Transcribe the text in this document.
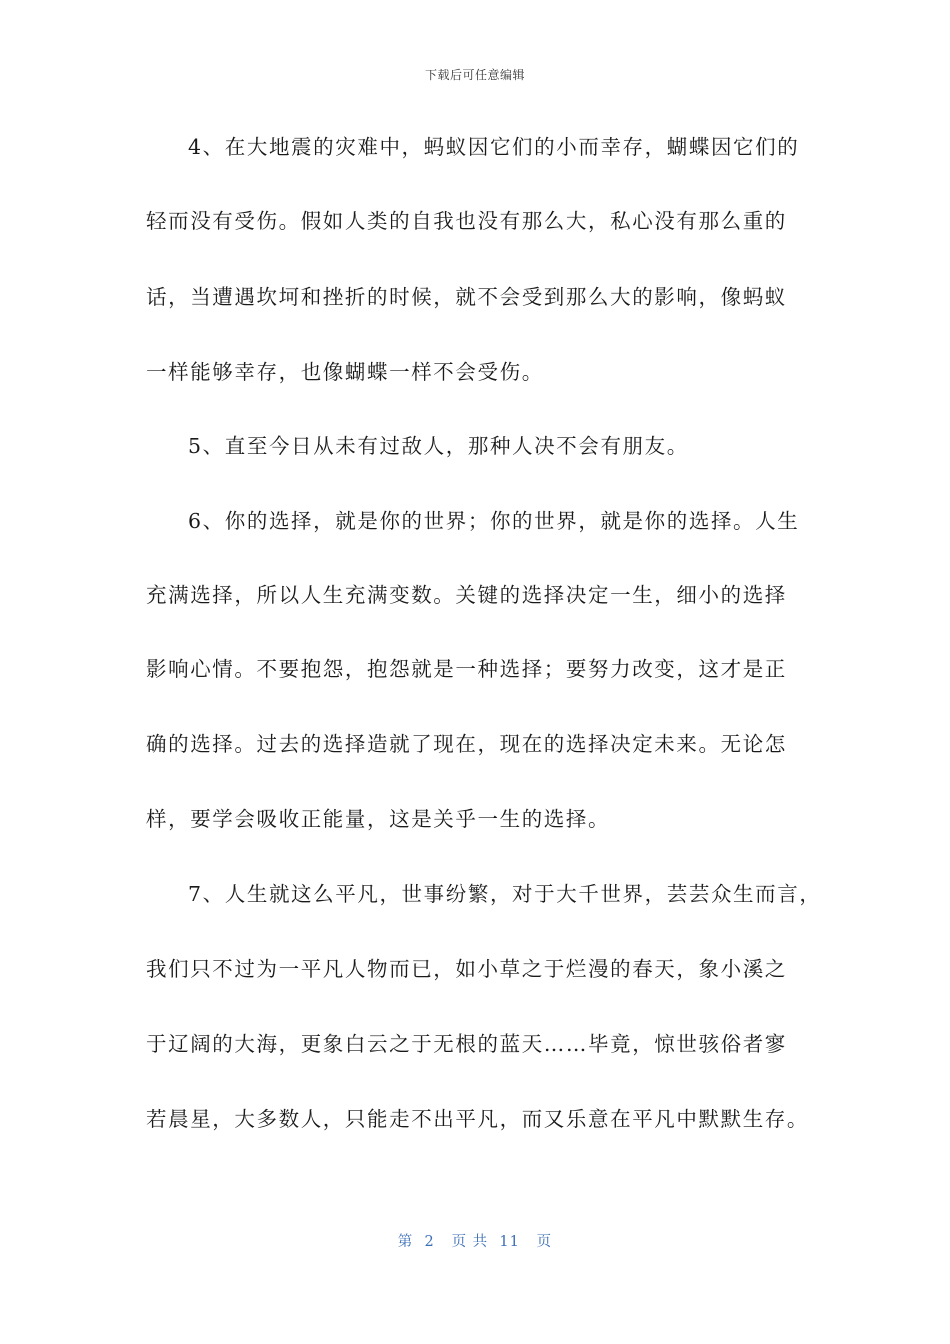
下载后可任意编辑
4、在大地震的灾难中，蚂蚁因它们的小而幸存，蝴蝶因它们的
轻而没有受伤。假如人类的自我也没有那么大，私心没有那么重的
话，当遭遇坎坷和挫折的时候，就不会受到那么大的影响，像蚂蚁
一样能够幸存，也像蝴蝶一样不会受伤。
5、直至今日从未有过敌人，那种人决不会有朋友。
6、你的选择，就是你的世界；你的世界，就是你的选择。人生
充满选择，所以人生充满变数。关键的选择决定一生，细小的选择
影响心情。不要抱怨，抱怨就是一种选择；要努力改变，这才是正
确的选择。过去的选择造就了现在，现在的选择决定未来。无论怎
样，要学会吸收正能量，这是关乎一生的选择。
7、人生就这么平凡，世事纷繁，对于大千世界，芸芸众生而言，
我们只不过为一平凡人物而已，如小草之于烂漫的春天，象小溪之
于辽阔的大海，更象白云之于无根的蓝天……毕竟，惊世骇俗者寥
若晨星，大多数人，只能走不出平凡，而又乐意在平凡中默默生存。
第  2   页 共  11   页
